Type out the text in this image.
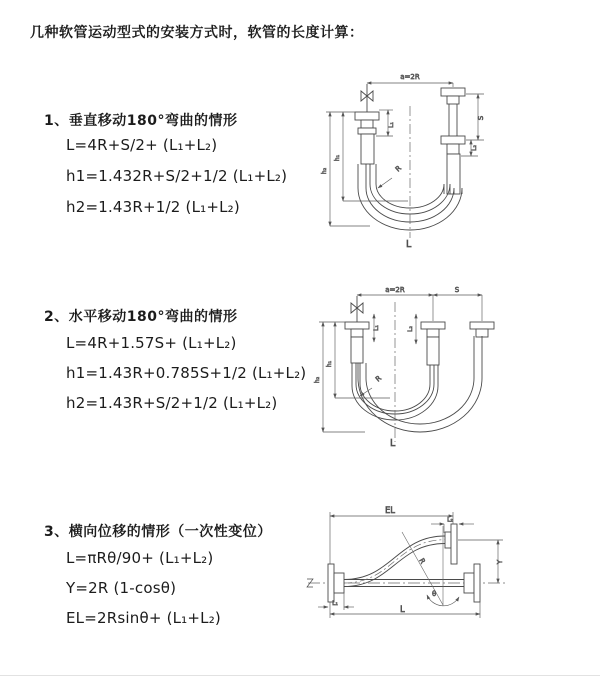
几种软管运动型式的安装方式时，软管的长度计算：
1、垂直移动180°弯曲的情形
L=4R+S/2+ (L₁+L₂)
h1=1.432R+S/2+1/2 (L₁+L₂)
h2=1.43R+1/2 (L₁+L₂)
2、水平移动180°弯曲的情形
L=4R+1.57S+ (L₁+L₂)
h1=1.43R+0.785S+1/2 (L₁+L₂)
h2=1.43R+S/2+1/2 (L₁+L₂)
3、横向位移的情形（一次性变位）
L=πRθ/90+ (L₁+L₂)
Y=2R (1-cosθ)
EL=2Rsinθ+ (L₁+L₂)
a=2R
L₁
S
L₂
h₁
h₂	R
L
a=2R	S
L₁	L₂
h₁
h₂	R
L
EL
L₂
Y
θ
R
L₁
L
